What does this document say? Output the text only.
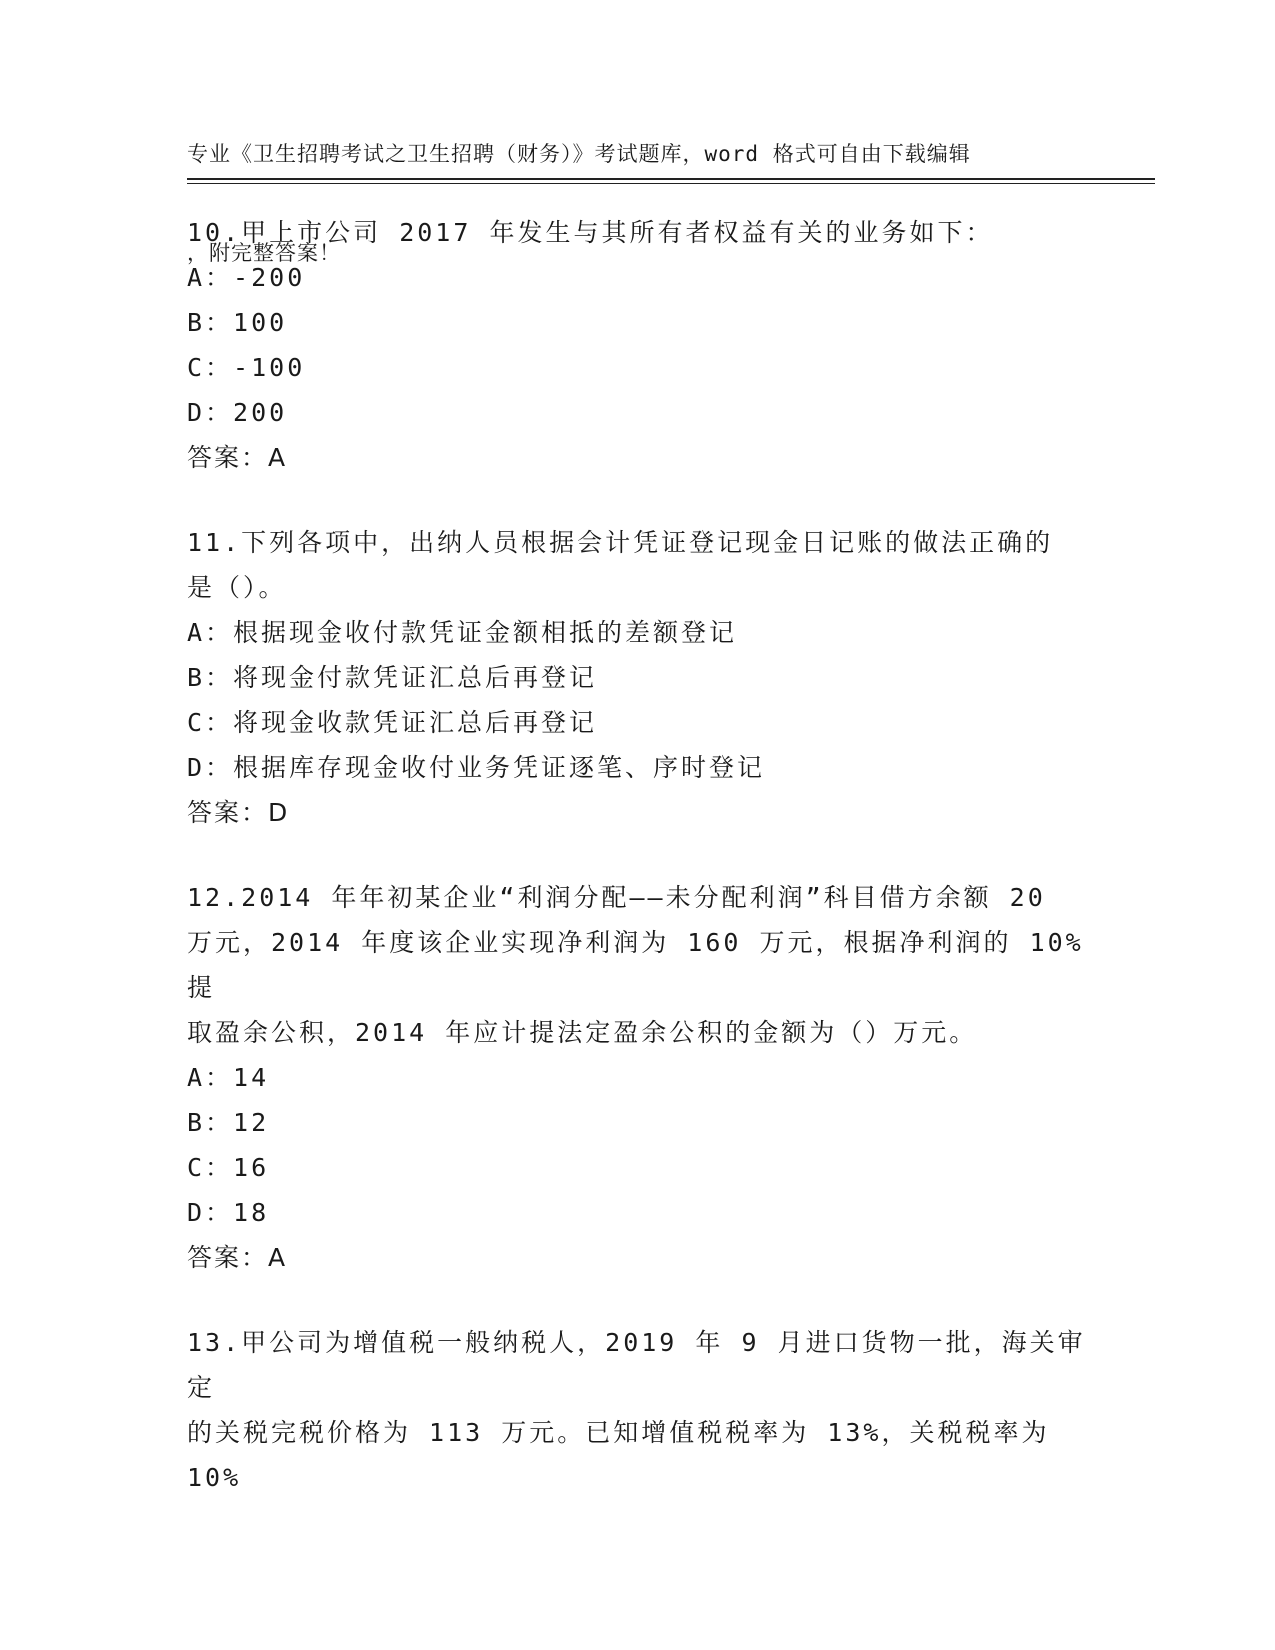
专业《卫生招聘考试之卫生招聘（财务）》考试题库，word 格式可自由下载编辑

，附完整答案！

10.甲上市公司 2017 年发生与其所有者权益有关的业务如下：

A：-200

B：100

C：-100

D：200

答案：A

11.下列各项中，出纳人员根据会计凭证登记现金日记账的做法正确的
是（）。

A：根据现金收付款凭证金额相抵的差额登记

B：将现金付款凭证汇总后再登记

C：将现金收款凭证汇总后再登记

D：根据库存现金收付业务凭证逐笔、序时登记

答案：D

12.2014 年年初某企业“利润分配——未分配利润”科目借方余额 20
万元，2014 年度该企业实现净利润为 160 万元，根据净利润的 10%提
取盈余公积，2014 年应计提法定盈余公积的金额为（）万元。

A：14

B：12

C：16

D：18

答案：A

13.甲公司为增值税一般纳税人，2019 年 9 月进口货物一批，海关审定
的关税完税价格为 113 万元。已知增值税税率为 13%，关税税率为 10%
